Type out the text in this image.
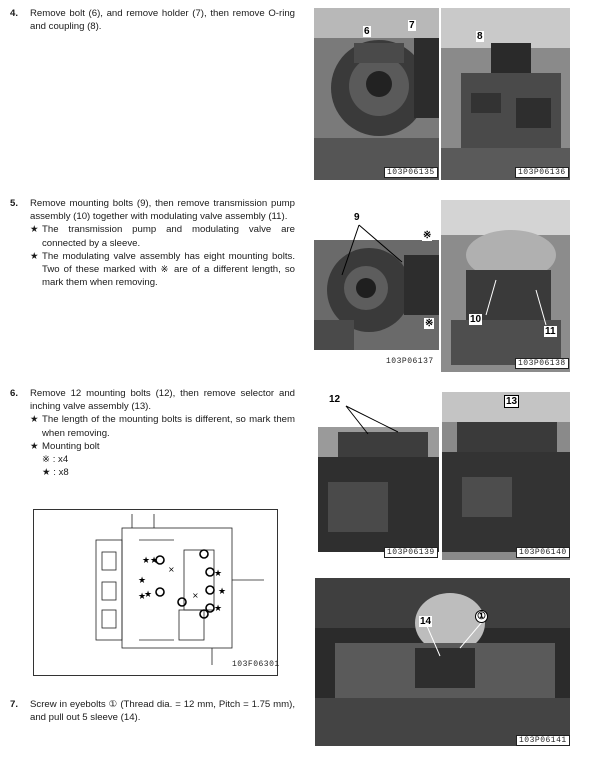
4. Remove bolt (6), and remove holder (7), then remove O-ring and coupling (8).
5. Remove mounting bolts (9), then remove transmission pump assembly (10) together with modulating valve assembly (11).
★ The transmission pump and modulating valve are connected by a sleeve.
★ The modulating valve assembly has eight mounting bolts. Two of these marked with ※ are of a different length, so mark them when removing.
6. Remove 12 mounting bolts (12), then remove selector and inching valve assembly (13).
★ The length of the mounting bolts is different, so mark them when removing.
★ Mounting bolt
※ : x4
★ : x8
★ ★
★
★
★
★
★
★
×
×
103F06301
7. Screw in eyebolts ① (Thread dia. = 12 mm, Pitch = 1.75 mm), and pull out 5 sleeve (14).
6
7
103P06135
8
103P06136
9
※
※
103P06137
10
11
103P06138
12
103P06139
13
103P06140
14	①
103P06141
